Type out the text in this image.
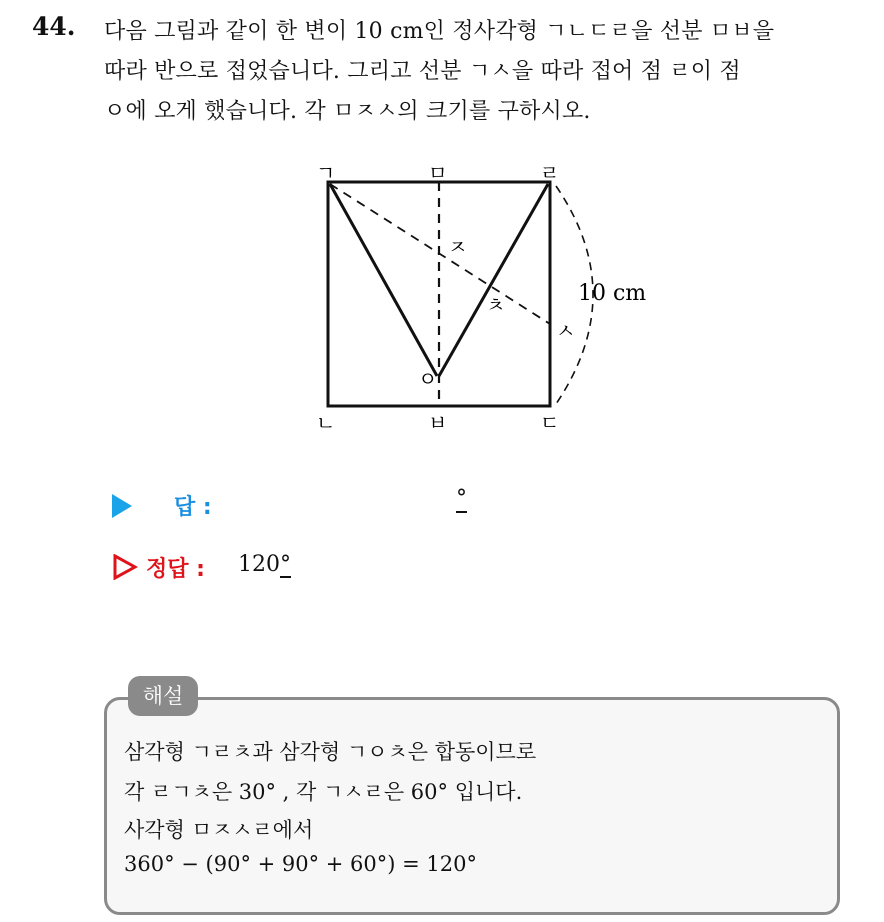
44. 다음 그림과 같이 한 변이 10 cm인 정사각형 ㄱㄴㄷㄹ을 선분 ㅁㅂ을
따라 반으로 접었습니다. 그리고 선분 ㄱㅅ을 따라 접어 점 ㄹ이 점
ㅇ에 오게 했습니다. 각 ㅁㅈㅅ의 크기를 구하시오.
ㄱ	ㅁ	ㄹ
ㄴ	ㅂ	ㄷ
ㅇ
ㅈ
ㅊ
ㅅ
10 cm
답 :	°
정답 : 120°
해설
삼각형 ㄱㄹㅊ과 삼각형 ㄱㅇㅊ은 합동이므로
각 ㄹㄱㅊ은 30° , 각 ㄱㅅㄹ은 60° 입니다.
사각형 ㅁㅈㅅㄹ에서
360° − (90° + 90° + 60°) = 120°
